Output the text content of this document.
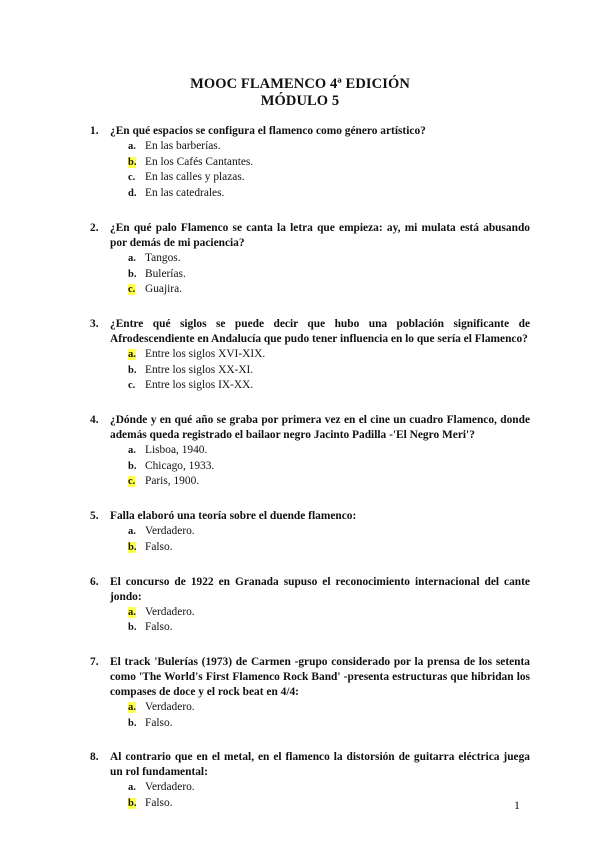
MOOC FLAMENCO 4ª EDICIÓN
MÓDULO 5
1.	¿En qué espacios se configura el flamenco como género artístico?
a. En las barberías.
b. En los Cafés Cantantes.
c. En las calles y plazas.
d. En las catedrales.
2.	¿En qué palo Flamenco se canta la letra que empieza: ay, mi mulata está abusando por demás de mi paciencia?
a. Tangos.
b. Bulerías.
c. Guajira.
3.	¿Entre qué siglos se puede decir que hubo una población significante de Afrodescendiente en Andalucía que pudo tener influencia en lo que sería el Flamenco?
a. Entre los siglos XVI-XIX.
b. Entre los siglos XX-XI.
c. Entre los siglos IX-XX.
4.	¿Dónde y en qué año se graba por primera vez en el cine un cuadro Flamenco, donde además queda registrado el bailaor negro Jacinto Padilla -'El Negro Meri'?
a. Lisboa, 1940.
b. Chicago, 1933.
c. Paris, 1900.
5.	Falla elaboró una teoría sobre el duende flamenco:
a. Verdadero.
b. Falso.
6.	El concurso de 1922 en Granada supuso el reconocimiento internacional del cante jondo:
a. Verdadero.
b. Falso.
7.	El track 'Bulerías (1973) de Carmen -grupo considerado por la prensa de los setenta como 'The World's First Flamenco Rock Band' -presenta estructuras que hibridan los compases de doce y el rock beat en 4/4:
a. Verdadero.
b. Falso.
8.	Al contrario que en el metal, en el flamenco la distorsión de guitarra eléctrica juega un rol fundamental:
a. Verdadero.
b. Falso.	1
